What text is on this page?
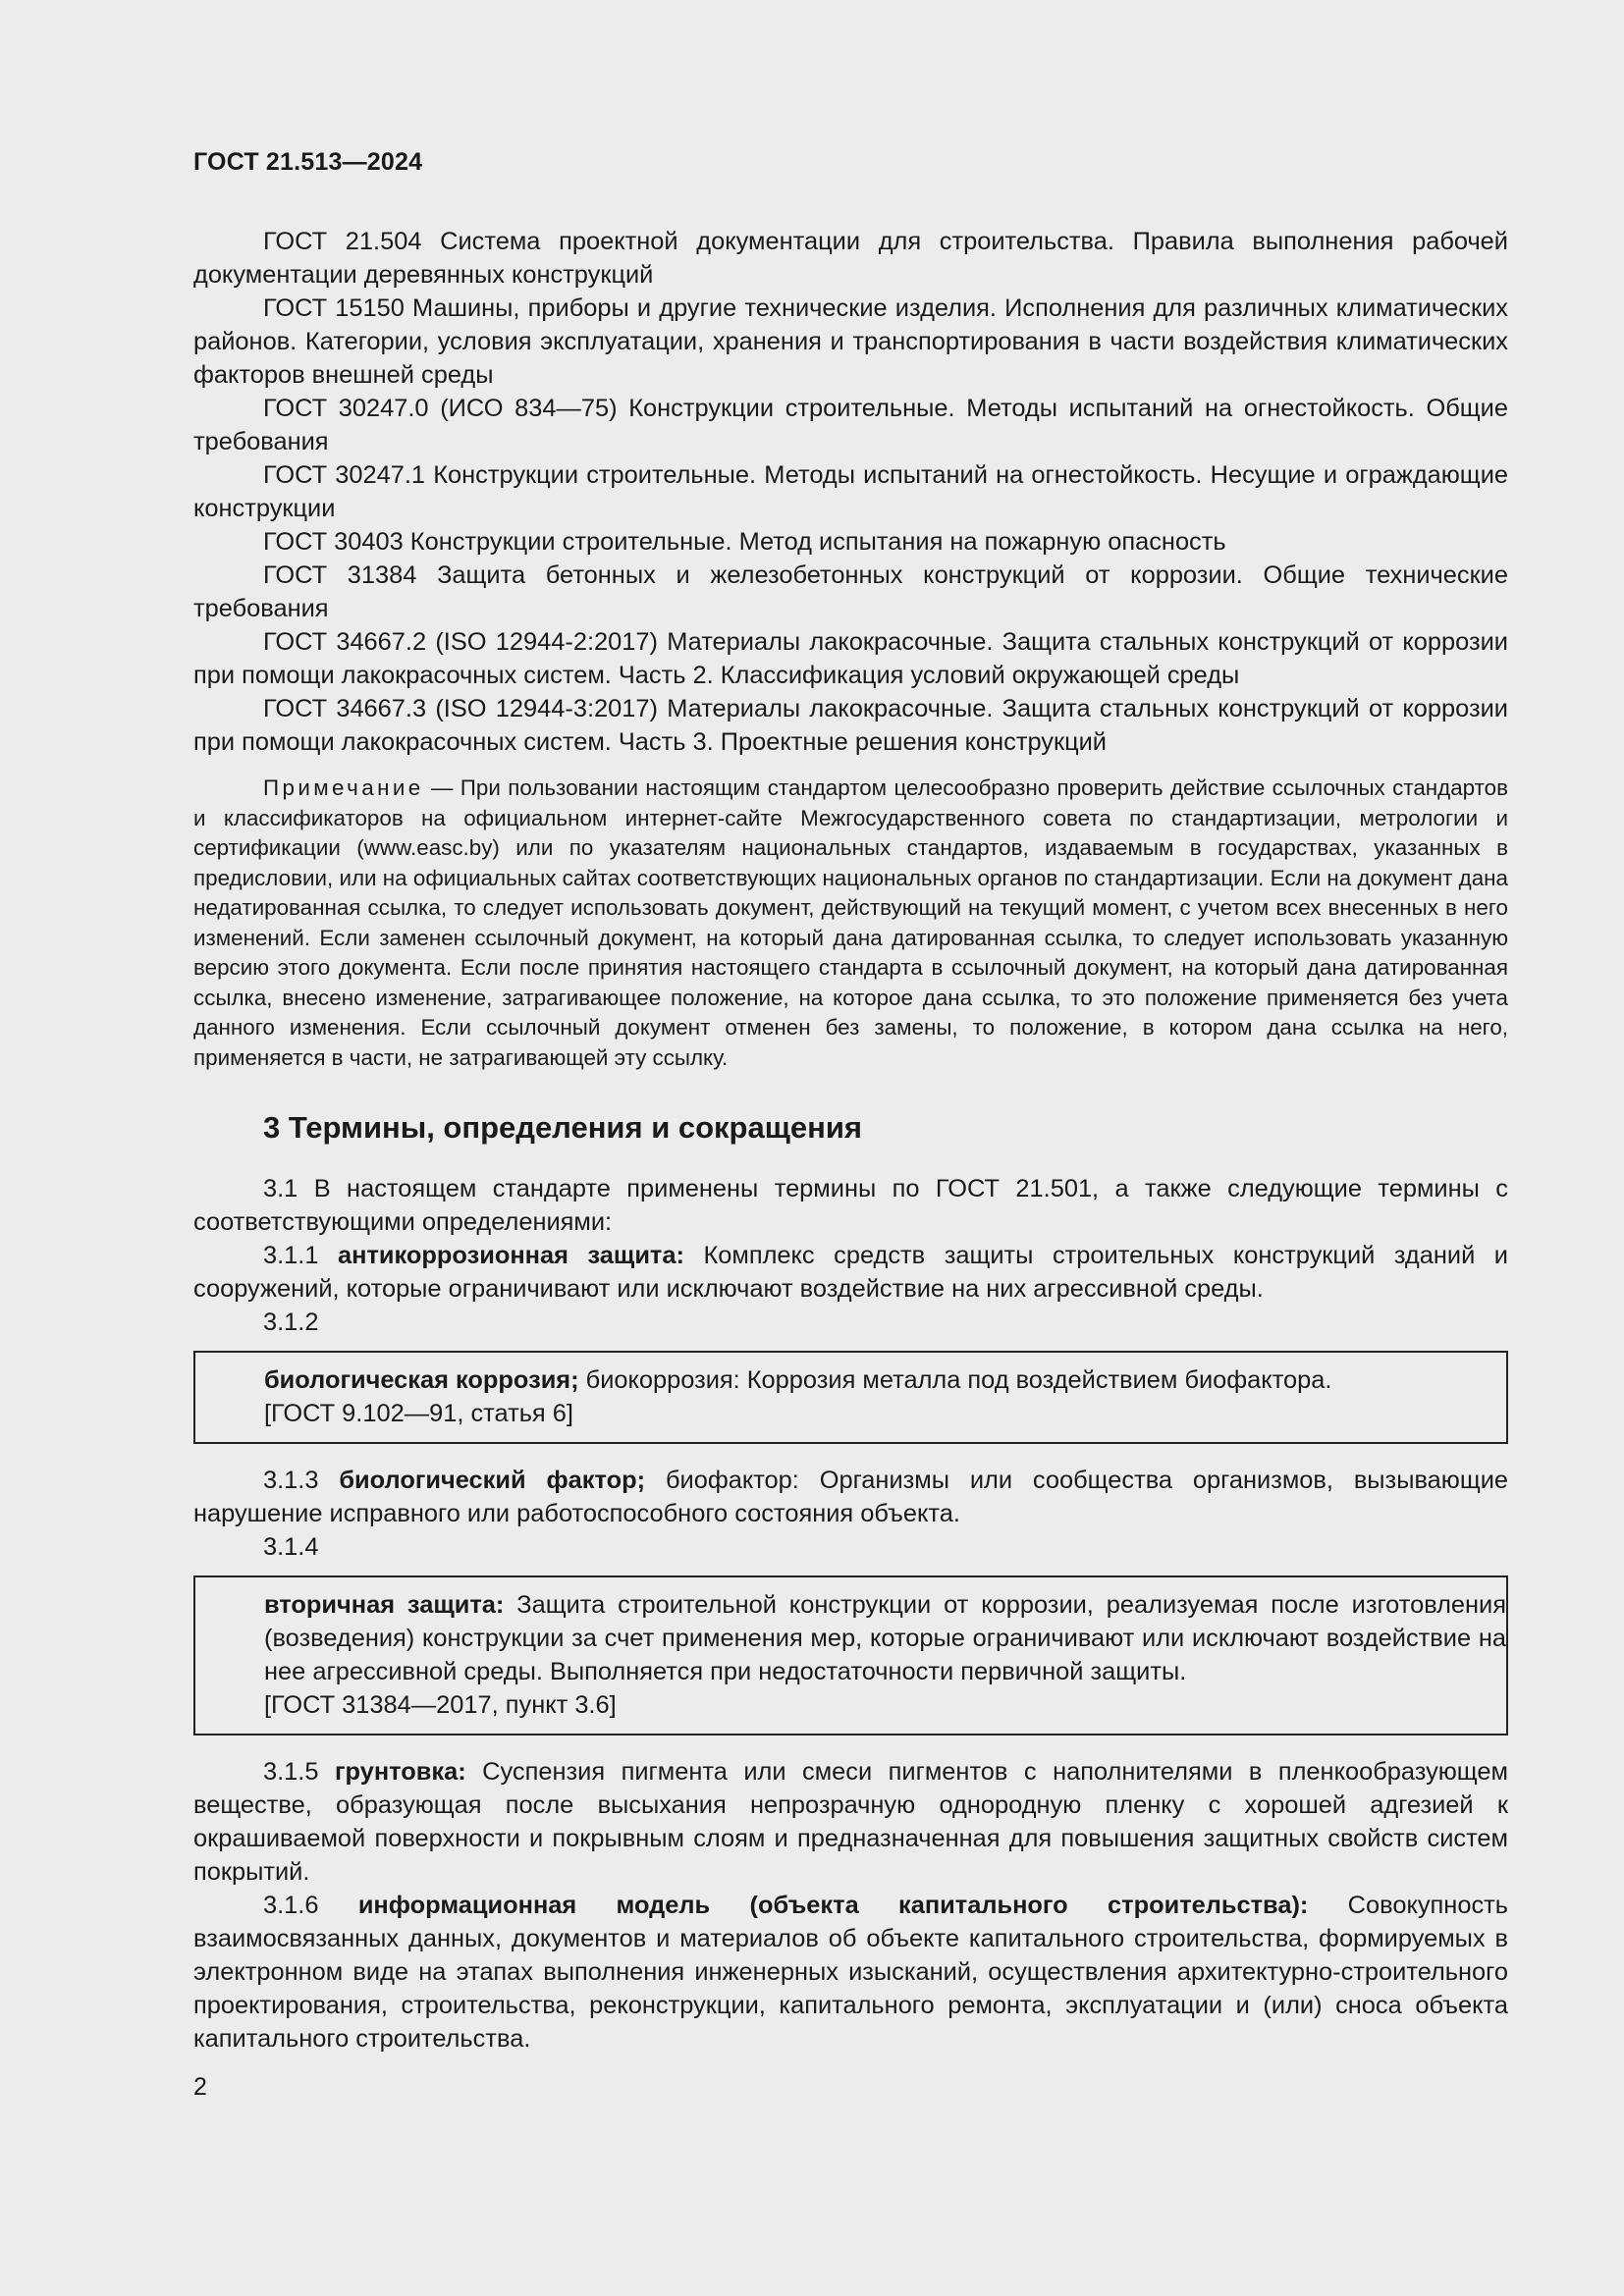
ГОСТ 21.513—2024

ГОСТ 21.504 Система проектной документации для строительства. Правила выполнения рабочей документации деревянных конструкций

ГОСТ 15150 Машины, приборы и другие технические изделия. Исполнения для различных климатических районов. Категории, условия эксплуатации, хранения и транспортирования в части воздействия климатических факторов внешней среды

ГОСТ 30247.0 (ИСО 834—75) Конструкции строительные. Методы испытаний на огнестойкость. Общие требования

ГОСТ 30247.1 Конструкции строительные. Методы испытаний на огнестойкость. Несущие и ограждающие конструкции

ГОСТ 30403 Конструкции строительные. Метод испытания на пожарную опасность

ГОСТ 31384 Защита бетонных и железобетонных конструкций от коррозии. Общие технические требования

ГОСТ 34667.2 (ISO 12944-2:2017) Материалы лакокрасочные. Защита стальных конструкций от коррозии при помощи лакокрасочных систем. Часть 2. Классификация условий окружающей среды

ГОСТ 34667.3 (ISO 12944-3:2017) Материалы лакокрасочные. Защита стальных конструкций от коррозии при помощи лакокрасочных систем. Часть 3. Проектные решения конструкций

Примечание — При пользовании настоящим стандартом целесообразно проверить действие ссылочных стандартов и классификаторов на официальном интернет-сайте Межгосударственного совета по стандартизации, метрологии и сертификации (www.easc.by) или по указателям национальных стандартов, издаваемым в государствах, указанных в предисловии, или на официальных сайтах соответствующих национальных органов по стандартизации. Если на документ дана недатированная ссылка, то следует использовать документ, действующий на текущий момент, с учетом всех внесенных в него изменений. Если заменен ссылочный документ, на который дана датированная ссылка, то следует использовать указанную версию этого документа. Если после принятия настоящего стандарта в ссылочный документ, на который дана датированная ссылка, внесено изменение, затрагивающее положение, на которое дана ссылка, то это положение применяется без учета данного изменения. Если ссылочный документ отменен без замены, то положение, в котором дана ссылка на него, применяется в части, не затрагивающей эту ссылку.

3 Термины, определения и сокращения

3.1 В настоящем стандарте применены термины по ГОСТ 21.501, а также следующие термины с соответствующими определениями:

3.1.1 антикоррозионная защита: Комплекс средств защиты строительных конструкций зданий и сооружений, которые ограничивают или исключают воздействие на них агрессивной среды.

3.1.2

биологическая коррозия; биокоррозия: Коррозия металла под воздействием биофактора.

[ГОСТ 9.102—91, статья 6]

3.1.3 биологический фактор; биофактор: Организмы или сообщества организмов, вызывающие нарушение исправного или работоспособного состояния объекта.

3.1.4

вторичная защита: Защита строительной конструкции от коррозии, реализуемая после изготовления (возведения) конструкции за счет применения мер, которые ограничивают или исключают воздействие на нее агрессивной среды. Выполняется при недостаточности первичной защиты.

[ГОСТ 31384—2017, пункт 3.6]

3.1.5 грунтовка: Суспензия пигмента или смеси пигментов с наполнителями в пленкообразующем веществе, образующая после высыхания непрозрачную однородную пленку с хорошей адгезией к окрашиваемой поверхности и покрывным слоям и предназначенная для повышения защитных свойств систем покрытий.

3.1.6 информационная модель (объекта капитального строительства): Совокупность взаимосвязанных данных, документов и материалов об объекте капитального строительства, формируемых в электронном виде на этапах выполнения инженерных изысканий, осуществления архитектурно-строительного проектирования, строительства, реконструкции, капитального ремонта, эксплуатации и (или) сноса объекта капитального строительства.

2
